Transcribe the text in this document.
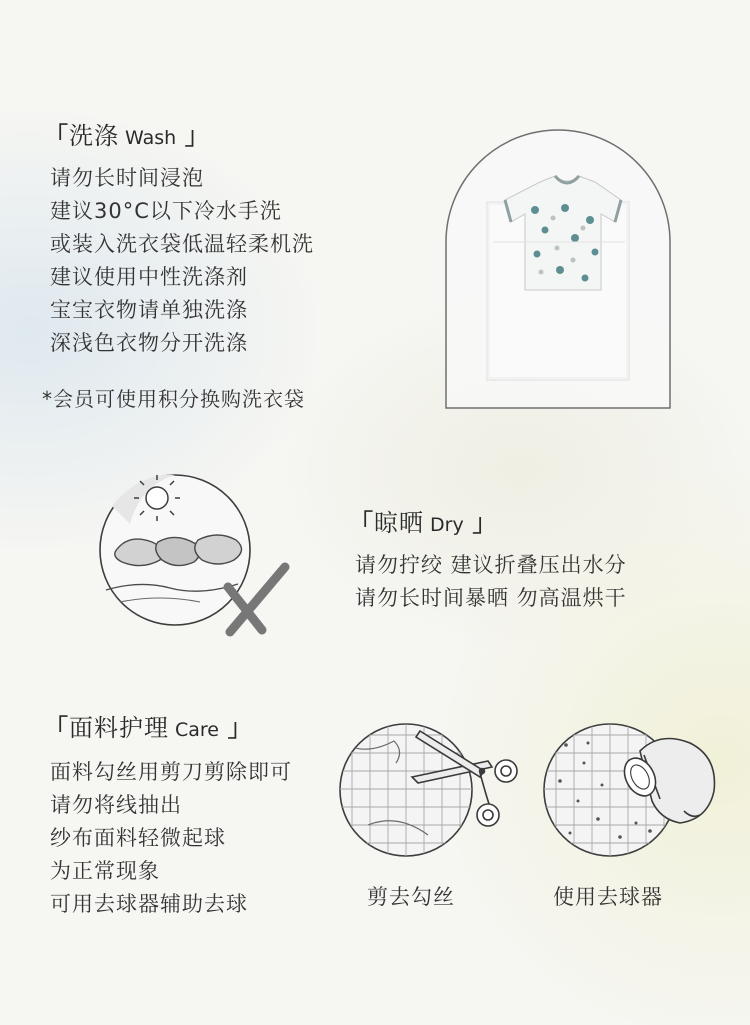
「洗涤 Wash 」
请勿长时间浸泡
建议30°C以下冷水手洗
或装入洗衣袋低温轻柔机洗
建议使用中性洗涤剂
宝宝衣物请单独洗涤
深浅色衣物分开洗涤
*会员可使用积分换购洗衣袋
「晾晒 Dry 」
请勿拧绞 建议折叠压出水分
请勿长时间暴晒 勿高温烘干
「面料护理 Care 」
面料勾丝用剪刀剪除即可
请勿将线抽出
纱布面料轻微起球
为正常现象
可用去球器辅助去球	剪去勾丝	使用去球器
